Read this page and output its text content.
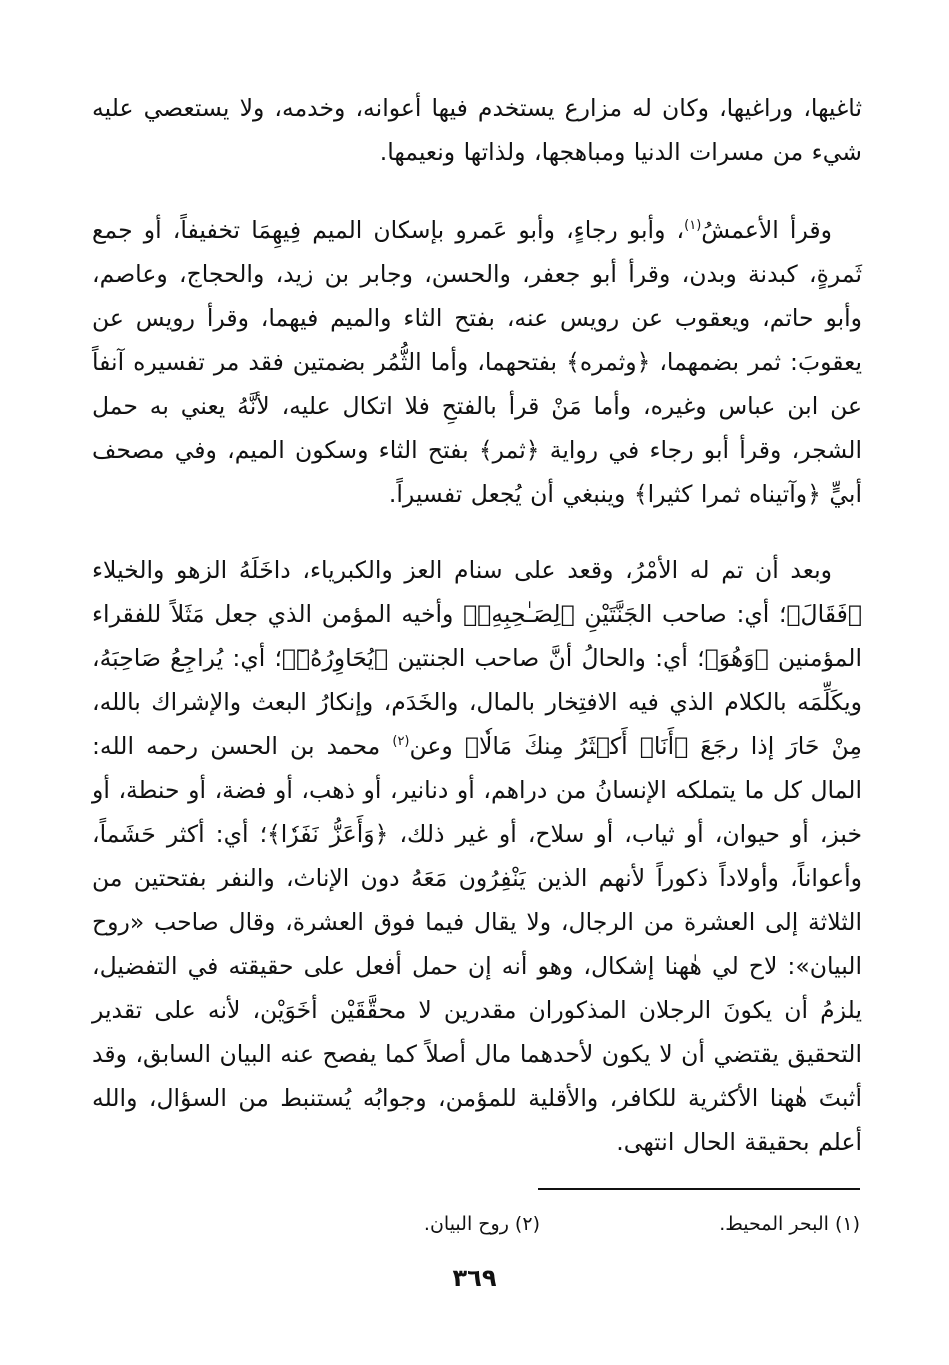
ثاغيها، وراغيها، وكان له مزارع يستخدم فيها أعوانه، وخدمه، ولا يستعصي عليه شيء من مسرات الدنيا ومباهجها، ولذاتها ونعيمها.

وقرأ الأعمشُ$^{(١)}$، وأبو رجاءٍ، وأبو عَمرو بإسكان الميم فِيهِمَا تخفيفاً، أو جمع ثَمرةٍ، كبدنة وبدن، وقرأ أبو جعفر، والحسن، وجابر بن زيد، والحجاج، وعاصم، وأبو حاتم، ويعقوب عن رويس عنه، بفتح الثاء والميم فيهما، وقرأ رويس عن يعقوبَ: ثمر بضمهما، ﴿وثمره﴾ بفتحهما، وأما الثُّمُر بضمتين فقد مر تفسيره آنفاً عن ابن عباس وغيره، وأما مَنْ قرأ بالفتحِ فلا اتكال عليه، لأنَّهُ يعني به حمل الشجر، وقرأ أبو رجاء في رواية ﴿ثمر﴾ بفتح الثاء وسكون الميم، وفي مصحف أبيٍّ ﴿وآتيناه ثمرا كثيرا﴾ وينبغي أن يُجعل تفسيراً.

وبعد أن تم له الأمْرُ، وقعد على سنام العز والكبرياء، داخَلَهُ الزهو والخيلاء ﴿فَقَالَ﴾؛ أي: صاحب الجَنَّتَيْنِ ﴿لِصَـٰحِبِهِۦ﴾ وأخيه المؤمن الذي جعل مَثَلاً للفقراء المؤمنين ﴿وَهُوَ﴾؛ أي: والحالُ أنَّ صاحب الجنتين ﴿يُحَاوِرُهُۥٓ﴾؛ أي: يُراجِعُ صَاحِبَهُ، ويكَلِّمَه بالكلام الذي فيه الافتِخار بالمال، والخَدَم، وإنكارُ البعث والإشراك بالله، مِنْ حَارَ إذا رجَعَ ﴿أَنَا۠ أَكۡثَرُ مِنكَ مَالٗا﴾ وعن$^{(٢)}$ محمد بن الحسن رحمه الله: المال كل ما يتملكه الإنسانُ من دراهم، أو دنانير، أو ذهب، أو فضة، أو حنطة، أو خبز، أو حيوان، أو ثياب، أو سلاح، أو غير ذلك، ﴿وَأَعَزُّ نَفَرٗا﴾؛ أي: أكثر حَشَماً، وأعواناً، وأولاداً ذكوراً لأنهم الذين يَنْفِرُون مَعَهُ دون الإناث، والنفر بفتحتين من الثلاثة إلى العشرة من الرجال، ولا يقال فيما فوق العشرة، وقال صاحب «روح البيان»: لاح لي هٰهنا إشكال، وهو أنه إن حمل أفعل على حقيقته في التفضيل، يلزمُ أن يكونَ الرجلان المذكوران مقدرين لا محقَّقَيْن أخَوَيْن، لأنه على تقدير التحقيق يقتضي أن لا يكون لأحدهما مال أصلاً كما يفصح عنه البيان السابق، وقد أثبتَ هٰهنا الأكثرية للكافر، والأقلية للمؤمن، وجوابُه يُستنبط من السؤال، والله أعلم بحقيقة الحال انتهى.

(١) البحر المحيط.
(٢) روح البيان.
٣٦٩
